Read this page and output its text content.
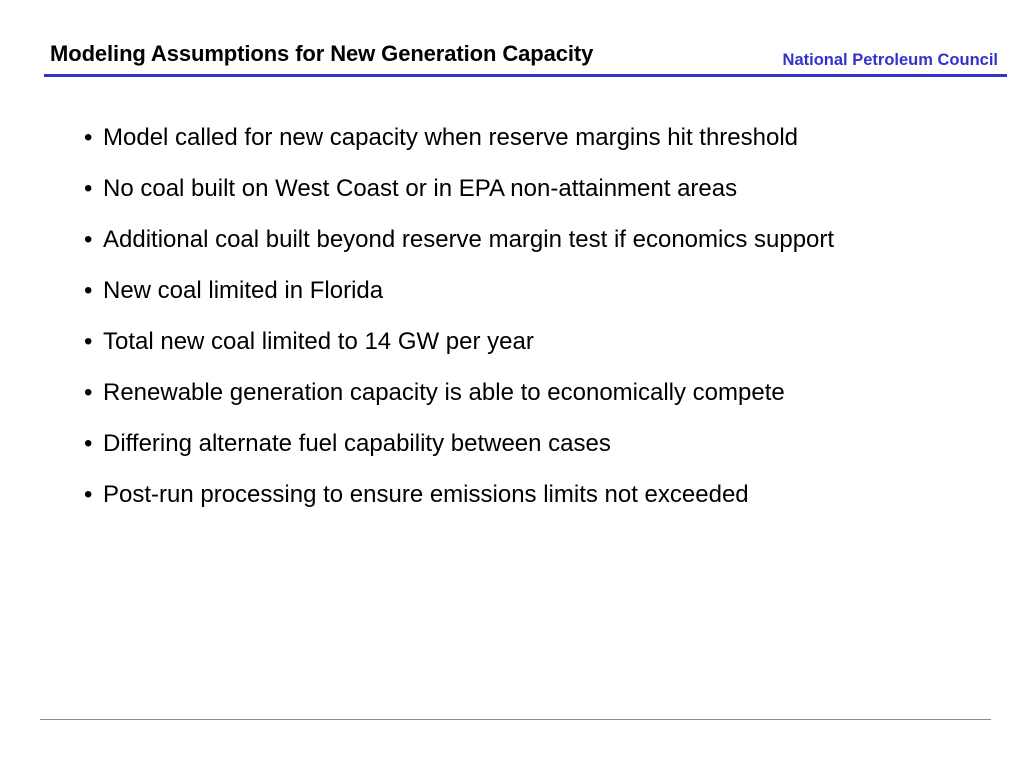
Modeling Assumptions for New Generation Capacity	National Petroleum Council
• Model called for new capacity when reserve margins hit threshold
• No coal built on West Coast or in EPA non-attainment areas
• Additional coal built beyond reserve margin test if economics support
• New coal limited in Florida
• Total new coal limited to 14 GW per year
• Renewable generation capacity is able to economically compete
• Differing alternate fuel capability between cases
• Post-run processing to ensure emissions limits not exceeded
